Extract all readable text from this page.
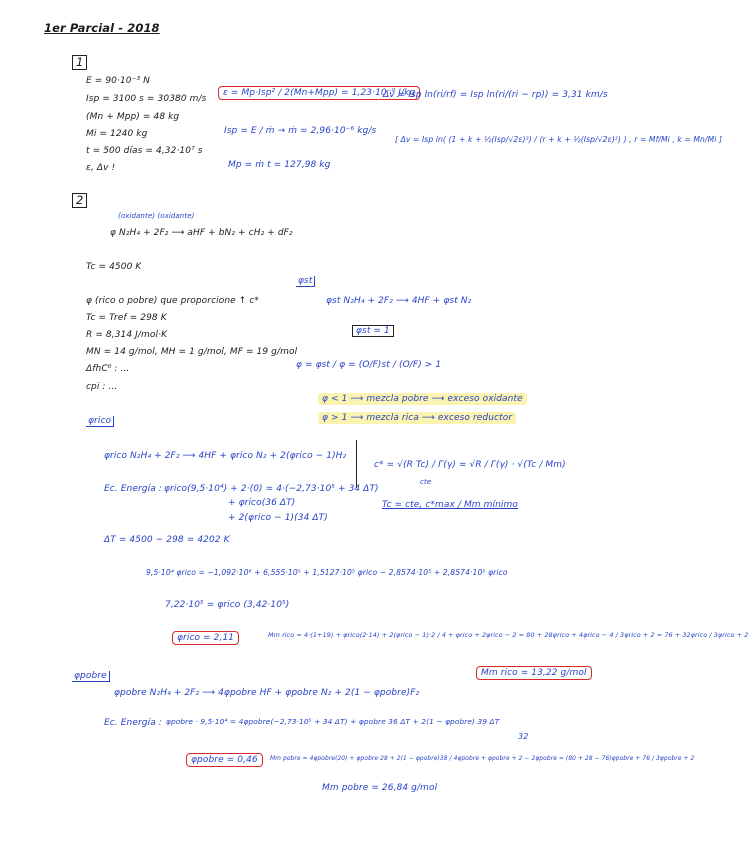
1er Parcial - 2018
1
E = 90·10⁻³ N
Isp = 3100 s = 30380 m/s
(Mn + Mpp) = 48 kg
Mi = 1240 kg
t = 500 días = 4,32·10⁷ s
ε, Δv !
ε = Mp·Isp² / 2(Mn+Mpp) = 1,23·10⁻⁹ J/kg
Isp = E / ṁ → ṁ = 2,96·10⁻⁶ kg/s
Mp = ṁ t = 127,98 kg
Δv = Isp ln(ri/rf) = Isp ln(ri/(ri − rp)) = 3,31 km/s
[ Δv = Isp ln( (1 + k + ½(Isp/√2ε)²) / (r + k + ½(Isp/√2ε)²) ) , r = Mf/Mi , k = Mn/Mi ]
2
(oxidante) (oxidante)
φ N₂H₄ + 2F₂ ⟶ aHF + bN₂ + cH₂ + dF₂
Tc = 4500 K
φst
φst N₂H₄ + 2F₂ ⟶ 4HF + φst N₂
φst = 1
φ (rico o pobre) que proporcione ↑ c*
Tc = Tref = 298 K
R = 8,314 J/mol·K
MN = 14 g/mol, MH = 1 g/mol, MF = 19 g/mol
ΔfhC⁰ : ...
cpi : ...
φ = φst / φ = (O/F)st / (O/F) > 1
φ < 1 ⟶ mezcla pobre ⟶ exceso oxidante
φ > 1 ⟶ mezcla rica ⟶ exceso reductor
φrico
φrico N₂H₄ + 2F₂ ⟶ 4HF + φrico N₂ + 2(φrico − 1)H₂
c* = √(R Tc) / Γ(γ) = √R / Γ(γ) · √(Tc / Mm)
cte
Ec. Energía : φrico(9,5·10⁴) + 2·(0) = 4·(−2,73·10⁵ + 34 ΔT)
+ φrico(36 ΔT)
+ 2(φrico − 1)(34 ΔT)
Tc = cte, c*max / Mm mínimo
ΔT = 4500 − 298 = 4202 K
9,5·10⁴ φrico = −1,092·10⁶ + 6,555·10⁵ + 1,5127·10⁵ φrico − 2,8574·10⁵ + 2,8574·10⁵ φrico
7,22·10⁵ = φrico (3,42·10⁵)
φrico = 2,11	Mm rico = 4·(1+19) + φrico(2·14) + 2(φrico − 1)·2 / 4 + φrico + 2φrico − 2 = 80 + 28φrico + 4φrico − 4 / 3φrico + 2 = 76 + 32φrico / 3φrico + 2
Mm rico = 13,22 g/mol
φpobre
φpobre N₂H₄ + 2F₂ ⟶ 4φpobre HF + φpobre N₂ + 2(1 − φpobre)F₂
Ec. Energía : φpobre · 9,5·10⁴ = 4φpobre(−2,73·10⁵ + 34 ΔT) + φpobre 36 ΔT + 2(1 − φpobre) 39 ΔT
32
φpobre = 0,46	Mm pobre = 4φpobre(20) + φpobre·28 + 2(1 − φpobre)38 / 4φpobre + φpobre + 2 − 2φpobre = (80 + 28 − 76)φpobre + 76 / 3φpobre + 2
Mm pobre = 26,84 g/mol
